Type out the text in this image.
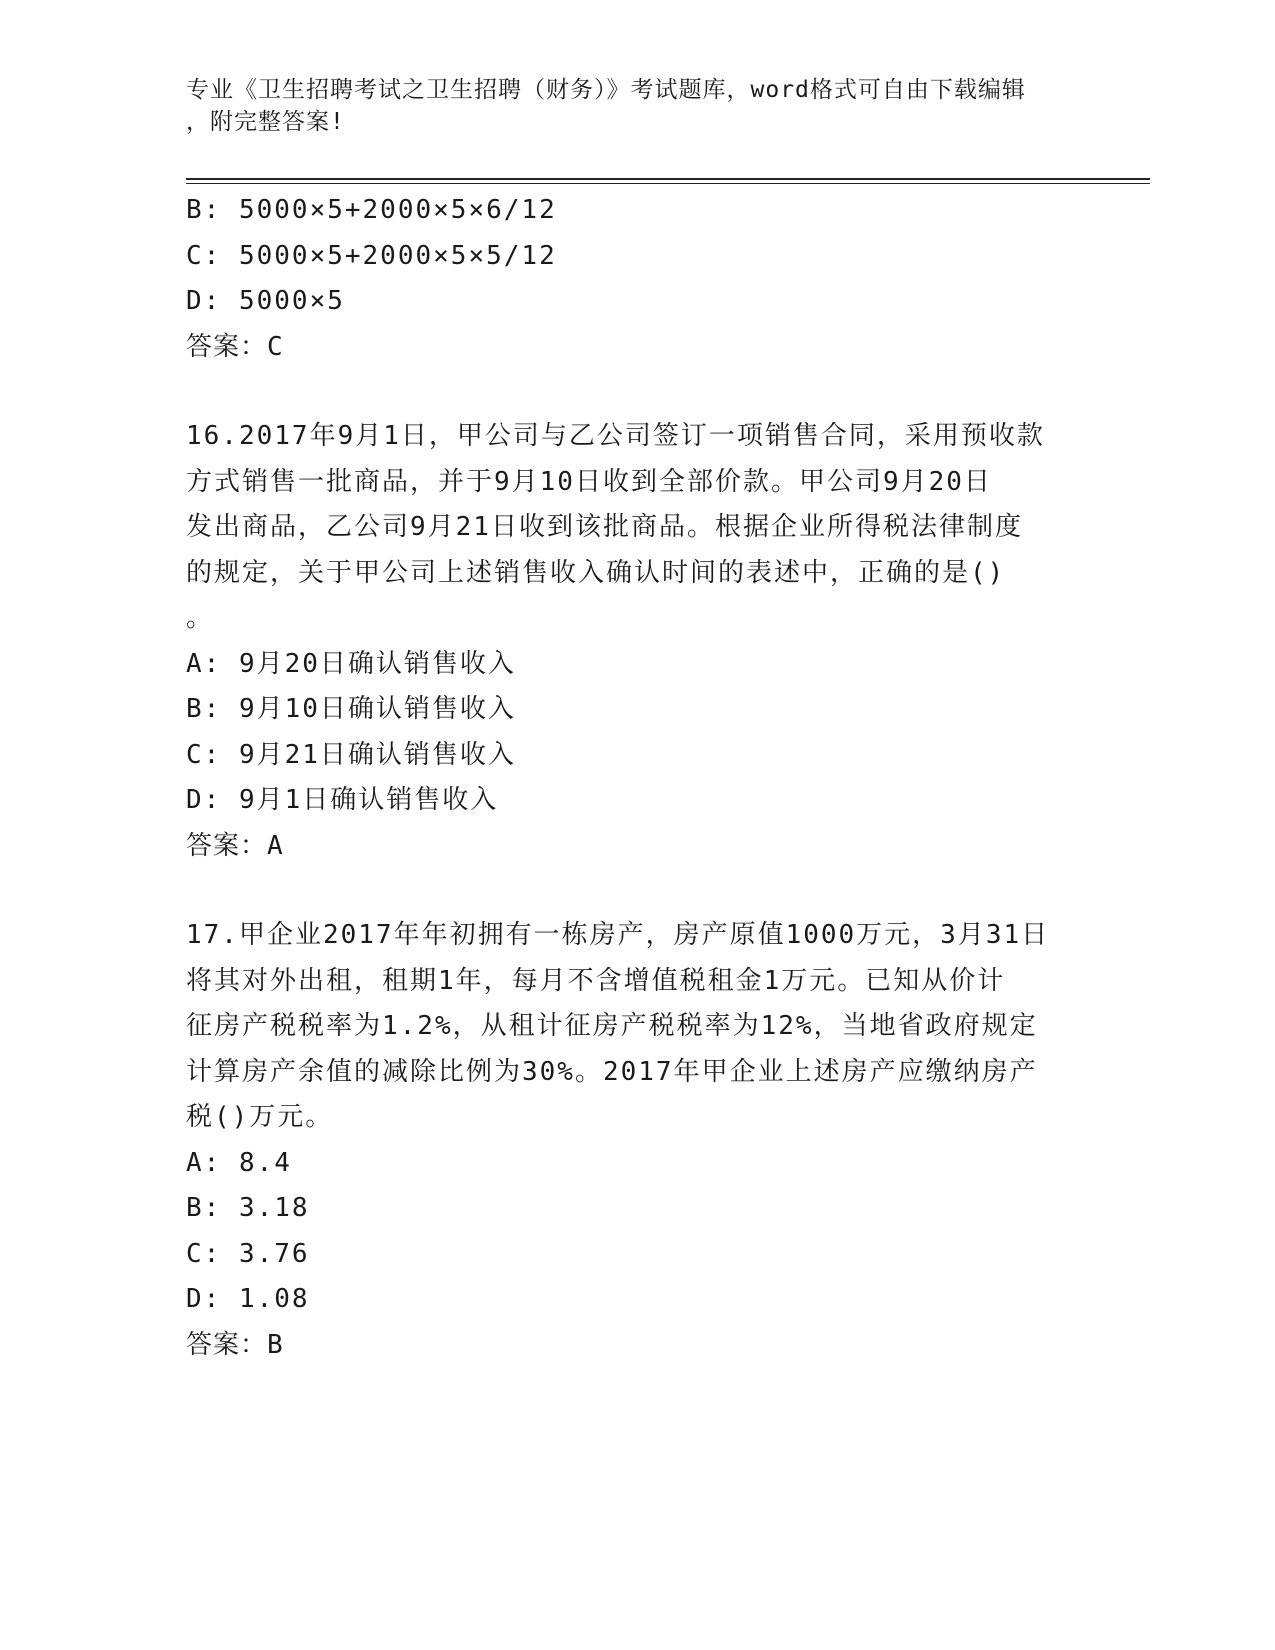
专业《卫生招聘考试之卫生招聘（财务）》考试题库，word格式可自由下载编辑
，附完整答案!
B: 5000×5+2000×5×6/12
C: 5000×5+2000×5×5/12
D: 5000×5
答案：C
16.2017年9月1日，甲公司与乙公司签订一项销售合同，采用预收款
方式销售一批商品，并于9月10日收到全部价款。甲公司9月20日
发出商品，乙公司9月21日收到该批商品。根据企业所得税法律制度
的规定，关于甲公司上述销售收入确认时间的表述中，正确的是()
。
A: 9月20日确认销售收入
B: 9月10日确认销售收入
C: 9月21日确认销售收入
D: 9月1日确认销售收入
答案：A
17.甲企业2017年年初拥有一栋房产，房产原值1000万元，3月31日
将其对外出租，租期1年，每月不含增值税租金1万元。已知从价计
征房产税税率为1.2%，从租计征房产税税率为12%，当地省政府规定
计算房产余值的减除比例为30%。2017年甲企业上述房产应缴纳房产
税()万元。
A: 8.4
B: 3.18
C: 3.76
D: 1.08
答案：B
